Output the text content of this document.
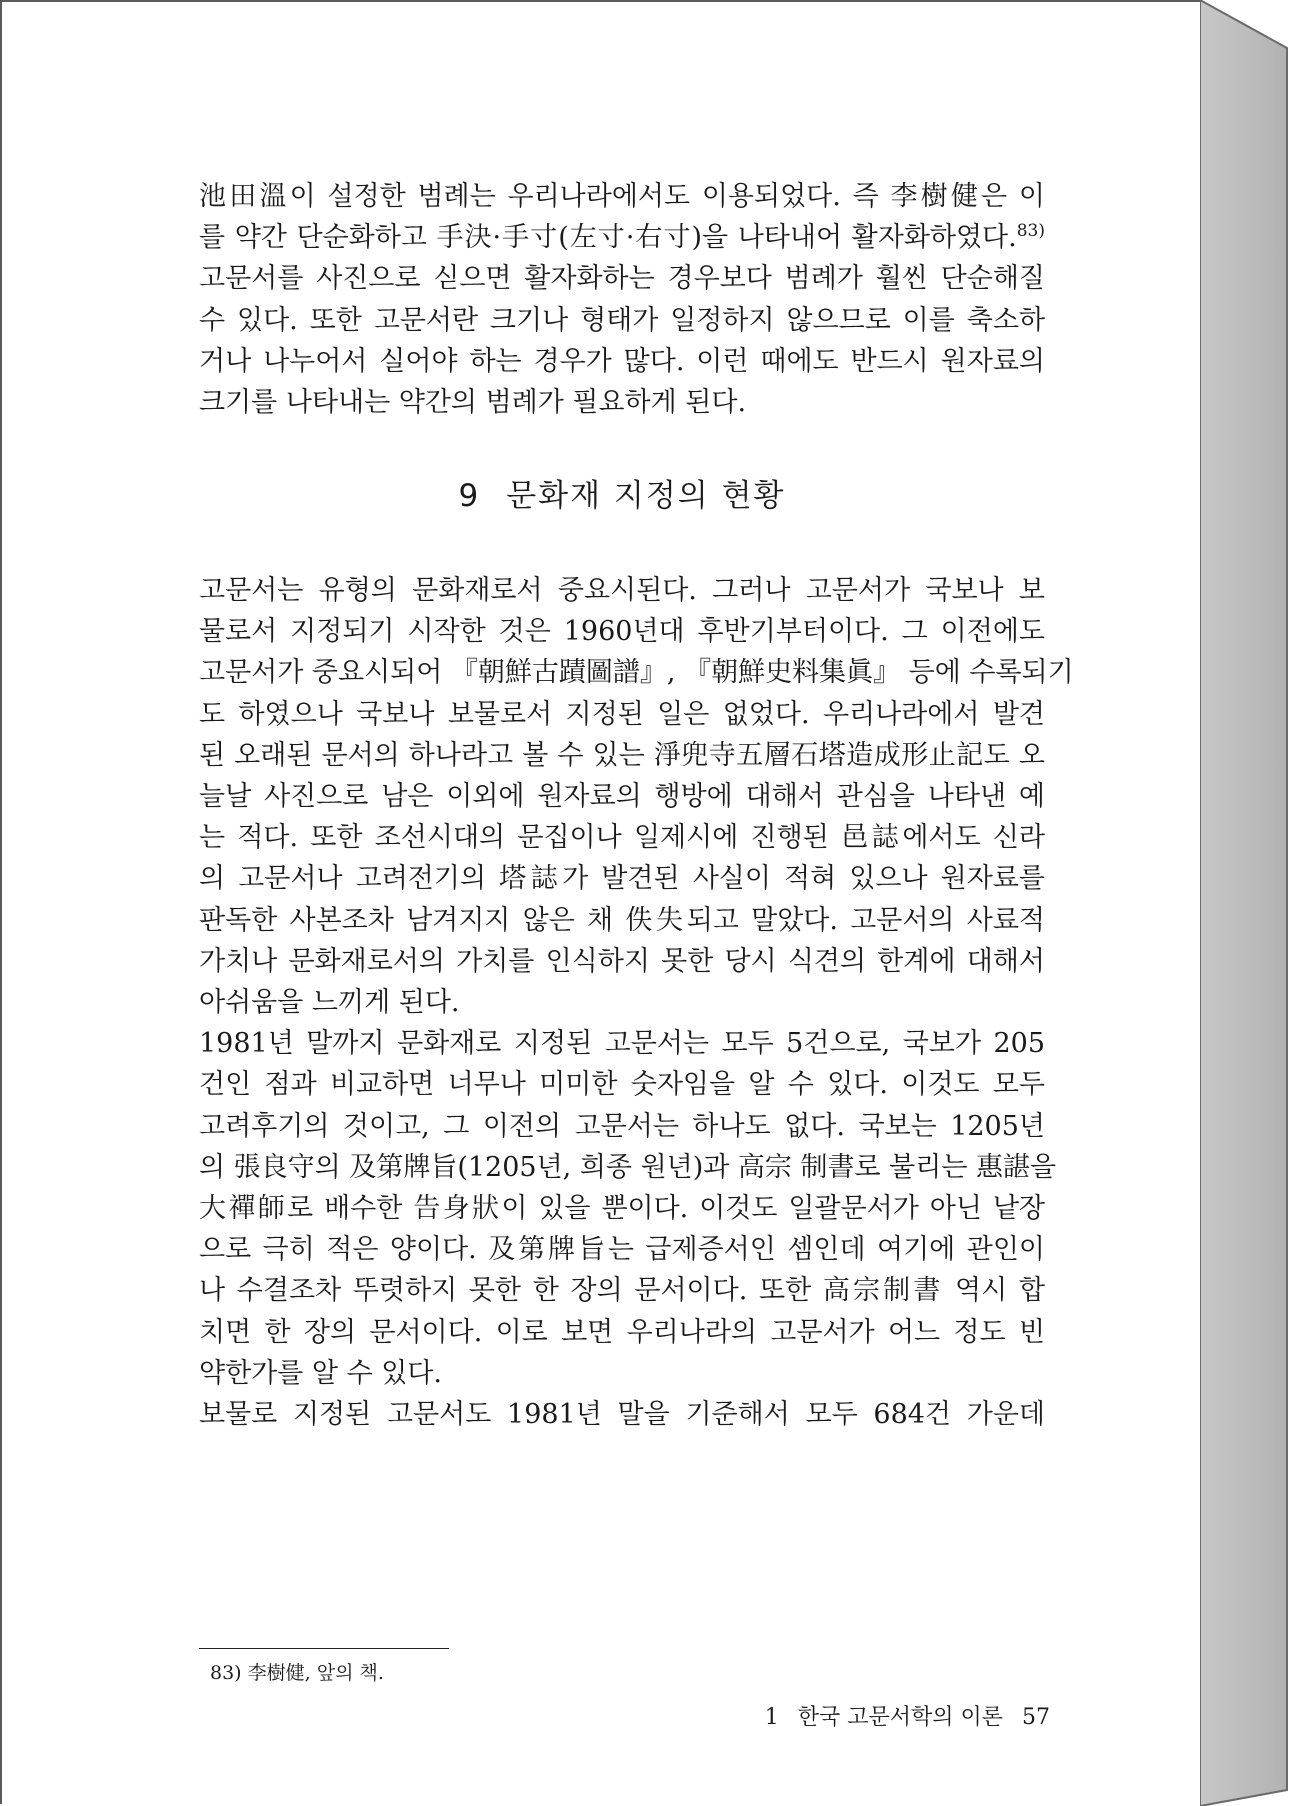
池田溫이 설정한 범례는 우리나라에서도 이용되었다. 즉 李樹健은 이
를 약간 단순화하고 手決·手寸(左寸·右寸)을 나타내어 활자화하였다.$^{83)}$
고문서를 사진으로 싣으면 활자화하는 경우보다 범례가 훨씬 단순해질
수 있다. 또한 고문서란 크기나 형태가 일정하지 않으므로 이를 축소하
거나 나누어서 실어야 하는 경우가 많다. 이런 때에도 반드시 원자료의
크기를 나타내는 약간의 범례가 필요하게 된다.

9 문화재 지정의 현황

고문서는 유형의 문화재로서 중요시된다. 그러나 고문서가 국보나 보
물로서 지정되기 시작한 것은 1960년대 후반기부터이다. 그 이전에도
고문서가 중요시되어 『朝鮮古蹟圖譜』, 『朝鮮史料集眞』 등에 수록되기
도 하였으나 국보나 보물로서 지정된 일은 없었다. 우리나라에서 발견
된 오래된 문서의 하나라고 볼 수 있는 淨兜寺五層石塔造成形止記도 오
늘날 사진으로 남은 이외에 원자료의 행방에 대해서 관심을 나타낸 예
는 적다. 또한 조선시대의 문집이나 일제시에 진행된 邑誌에서도 신라
의 고문서나 고려전기의 塔誌가 발견된 사실이 적혀 있으나 원자료를
판독한 사본조차 남겨지지 않은 채 佚失되고 말았다. 고문서의 사료적
가치나 문화재로서의 가치를 인식하지 못한 당시 식견의 한계에 대해서
아쉬움을 느끼게 된다.

1981년 말까지 문화재로 지정된 고문서는 모두 5건으로, 국보가 205
건인 점과 비교하면 너무나 미미한 숫자임을 알 수 있다. 이것도 모두
고려후기의 것이고, 그 이전의 고문서는 하나도 없다. 국보는 1205년
의 張良守의 及第牌旨(1205년, 희종 원년)과 高宗 制書로 불리는 惠諶을
大禪師로 배수한 告身狀이 있을 뿐이다. 이것도 일괄문서가 아닌 낱장
으로 극히 적은 양이다. 及第牌旨는 급제증서인 셈인데 여기에 관인이
나 수결조차 뚜렷하지 못한 한 장의 문서이다. 또한 高宗制書 역시 합
치면 한 장의 문서이다. 이로 보면 우리나라의 고문서가 어느 정도 빈
약한가를 알 수 있다.

보물로 지정된 고문서도 1981년 말을 기준해서 모두 684건 가운데

83) 李樹健, 앞의 책.
1 한국 고문서학의 이론 57
